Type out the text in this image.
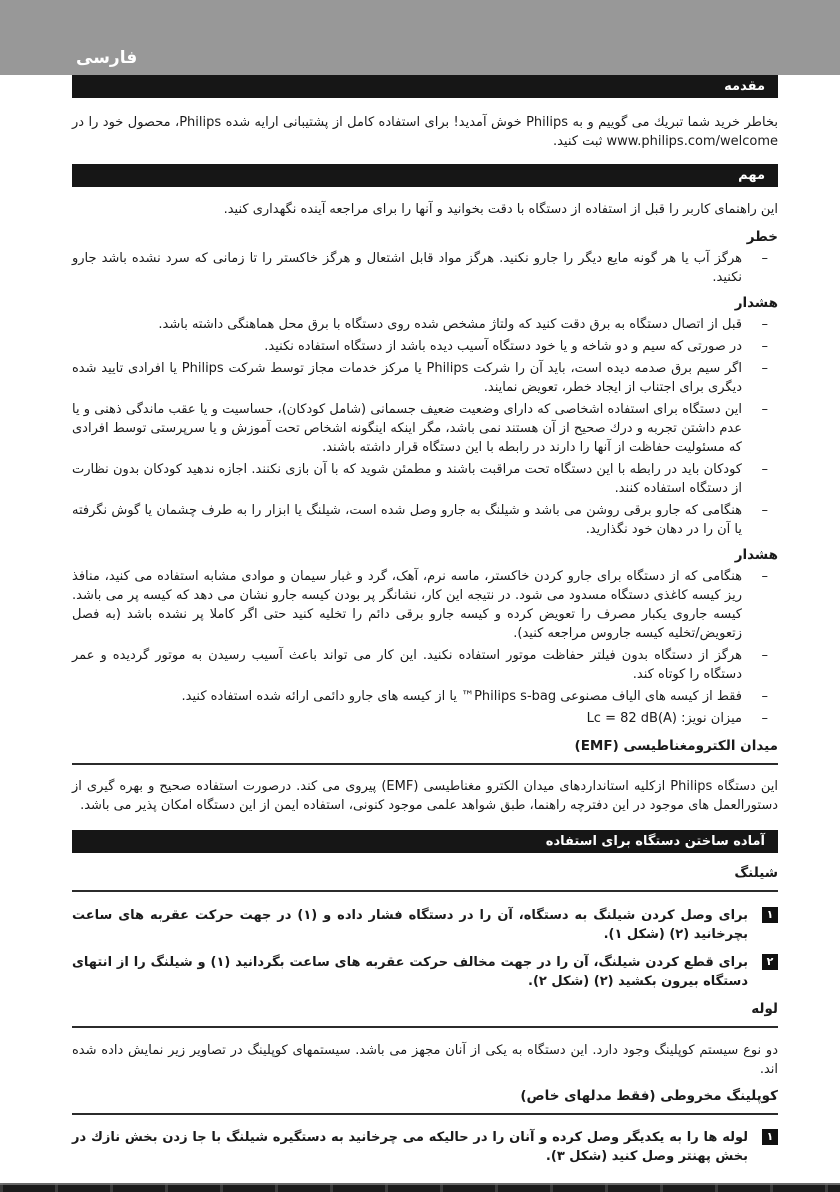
فارسی
مقدمه

بخاطر خرید شما تبریك می گوییم و به Philips خوش آمدید! برای استفاده کامل از پشتیبانی ارایه شده Philips، محصول خود را در www.philips.com/welcome ثبت کنید.

مهم

این راهنمای کاربر را قبل از استفاده از دستگاه با دقت بخوانید و آنها را برای مراجعه آینده نگهداری کنید.

خطر
– هرگز آب یا هر گونه مایع دیگر را جارو نکنید. هرگز مواد قابل اشتعال و هرگز خاکستر را تا زمانی که سرد نشده باشد جارو نکنید.
هشدار
– قبل از اتصال دستگاه به برق دقت کنید که ولتاژ مشخص شده روی دستگاه با برق محل هماهنگی داشته باشد.
– در صورتی که سیم و دو شاخه و یا خود دستگاه آسیب دیده باشد از دستگاه استفاده نکنید.
– اگر سیم برق صدمه دیده است، باید آن را شرکت Philips یا مرکز خدمات مجاز توسط شرکت Philips یا افرادی تایید شده دیگری برای اجتناب از ایجاد خطر، تعویض نمایند.
– این دستگاه برای استفاده اشخاصی که دارای وضعیت ضعیف جسمانی (شامل کودکان)، حساسیت و یا عقب ماندگی ذهنی و یا عدم داشتن تجربه و درك صحیح از آن هستند نمی باشد، مگر اینکه اینگونه اشخاص تحت آموزش و یا سرپرستی توسط افرادی که مسئولیت حفاظت از آنها را دارند در رابطه با این دستگاه قرار داشته باشند.
– کودکان باید در رابطه با این دستگاه تحت مراقبت باشند و مطمئن شوید که با آن بازی نکنند. اجازه ندهید کودکان بدون نظارت از دستگاه استفاده کنند.
– هنگامی که جارو برقی روشن می باشد و شیلنگ به جارو وصل شده است، شیلنگ یا ابزار را به طرف چشمان یا گوش نگرفته یا آن را در دهان خود نگذارید.
هشدار
– هنگامی که از دستگاه برای جارو کردن خاکستر، ماسه نرم، آهک، گرد و غبار سیمان و موادی مشابه استفاده می کنید، منافذ ریز کیسه کاغذی دستگاه مسدود می شود. در نتیجه این کار، نشانگر پر بودن کیسه جارو نشان می دهد که کیسه پر می باشد. کیسه جاروی یکبار مصرف را تعویض کرده و کیسه جارو برقی دائم را تخلیه کنید حتی اگر کاملا پر نشده باشد (به فصل زتعویض/تخلیه کیسه جاروس مراجعه کنید).
– هرگز از دستگاه بدون فیلتر حفاظت موتور استفاده نکنید. این کار می تواند باعث آسیب رسیدن به موتور گردیده و عمر دستگاه را کوتاه کند.
– فقط از کیسه های الیاف مصنوعی Philips s-bag™ یا از کیسه های جارو دائمی ارائه شده استفاده کنید.
– میزان نویز: Lc = 82 dB(A)
میدان الکترومغناطیسی (EMF)

این دستگاه Philips ازکلیه استانداردهای میدان الکترو مغناطیسی (EMF) پیروی می کند. درصورت استفاده صحیح و بهره گیری از دستورالعمل های موجود در این دفترچه راهنما، طبق شواهد علمی موجود کنونی، استفاده ایمن از این دستگاه امکان پذیر می باشد.

آماده ساختن دستگاه برای استفاده
شیلنگ
۱
برای وصل کردن شیلنگ به دستگاه، آن را در دستگاه فشار داده و (۱) در جهت حرکت عقربه های ساعت بچرخانید (۲) (شکل ۱).
۲
برای قطع کردن شیلنگ، آن را در جهت مخالف حرکت عقربه های ساعت بگردانید (۱) و شیلنگ را از انتهای دستگاه بیرون بکشید (۲) (شکل ۲).
لوله

دو نوع سیستم کوپلینگ وجود دارد. این دستگاه به یکی از آنان مجهز می باشد. سیستمهای کوپلینگ در تصاویر زیر نمایش داده شده اند.

کوپلینگ مخروطی (فقط مدلهای خاص)
۱
لوله ها را به یکدیگر وصل کرده و آنان را در حالیکه می چرخانید به دستگیره شیلنگ با جا زدن بخش نازك در بخش پهنتر وصل کنید (شکل ۳).
